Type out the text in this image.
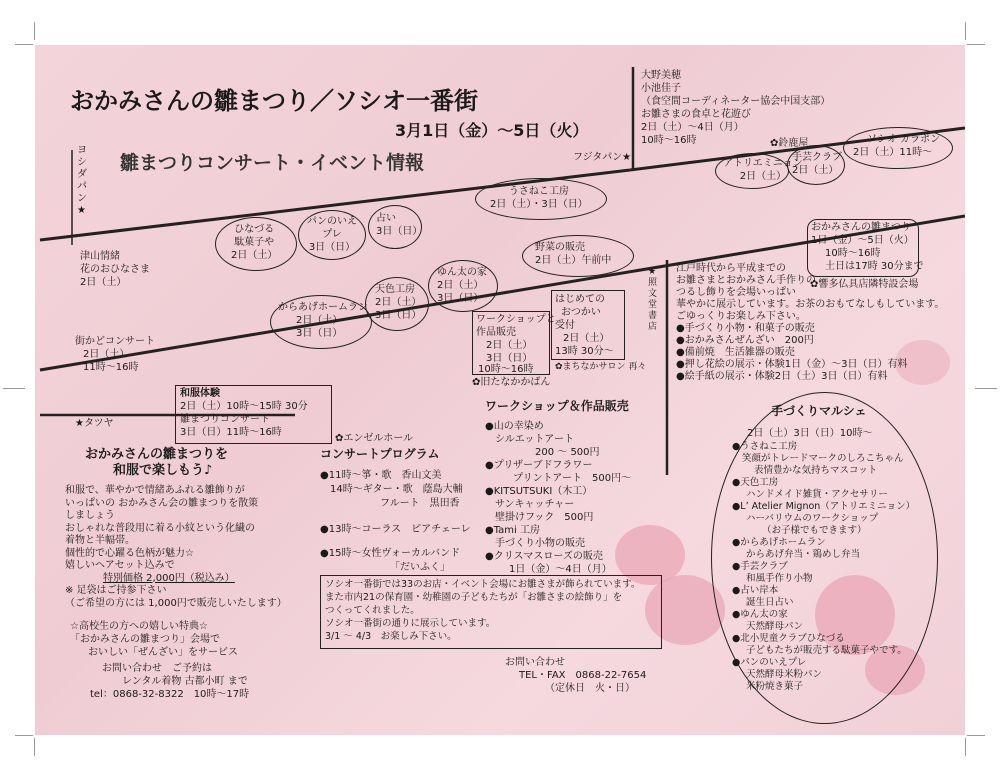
おかみさんの雛まつり／ソシオ一番街
3月1日（金）～5日（火）
雛まつりコンサート・イベント情報
ヨシダパン★
フジタパン★
★照文堂書店
津山情緒
花のおひなさま
2日（土）
街かどコンサート
2日（土）
11時～16時
★タツヤ
ひなづる
駄菓子や
2日（土）
パンのいえ
プレ
3日（日）
占い
3日（日）
うさねこ工房
2日（土）・3日（日）
野菜の販売
2日（土）午前中
からあげホームラン
2日（土）
3日（日）
天色工房
2日（土）
3日（日）
ゆん太の家
2日（土）
3日（日）
ワークショップと
作品販売
2日（土）
3日（日）
10時～16時
✿旧たなかかばん
はじめての
おつかい
受付
2日（土）
13時 30分～
✿まちなかサロン 再々
大野美穂
小池佳子
（食空間コーディネーター協会中国支部）
お雛さまの食卓と花遊び
2日（土）～4日（月）
10時～16時	✿鈴鹿屋
アトリエミニョン
2日（土）
手芸クラブ
2日（土）
ソシオ ガラポン
2日（土）11時～
おかみさんの雛まつり
1日（金）～5日（火）
10時～16時
土日は17時 30分まで
✿響多仏具店隣特設会場
江戸時代から平成までの
お雛さまとおかみさん手作りの
つるし飾りを会場いっぱい
華やかに展示しています。お茶のおもてなしもしています。
ごゆっくりお楽しみ下さい。
●手づくり小物・和菓子の販売
●おかみさんぜんざい　200円
●備前焼　生活雑器の販売
●押し花絵の展示・体験1日（金）～3日（日）有料
●絵手紙の展示・体験2日（土）3日（日）有料
和服体験
2日（土）10時～15時 30分
雛まつりコンサート
3日（日）11時～16時
✿エンゼルホール
おかみさんの雛まつりを
和服で楽しもう♪
和服で、華やかで情緒あふれる雛飾りが
いっぱいの おかみさん会の雛まつりを散策
しましょう
おしゃれな普段用に着る小紋という化繊の
着物と半幅帯。
個性的で心躍る色柄が魅力☆
嬉しいヘアセット込みで
特別価格 2,000円（税込み）
※ 足袋はご持参下さい
（ご希望の方には 1,000円で販売しいたします）
☆高校生の方への嬉しい特典☆
「おかみさんの雛まつり」会場で
おいしい「ぜんざい」をサービス
お問い合わせ　ご予約は
レンタル着物 古都小町 まで
tel：0868-32-8322　10時～17時
コンサートプログラム
●11時～箏・歌　香山文美
14時～ギター・歌　蔭島大輔
フルート　黒田香
●13時～コーラス　ピアチェーレ
●15時～女性ヴォーカルバンド
「だいふく」
ワークショップ＆作品販売
●山の幸染め
シルエットアート
200 ～ 500円
●プリザーブドフラワー
プリントアート　500円～
●KITSUTSUKI（木工）
サンキャッチャー
壁掛けフック　500円
●Tami 工房
手づくり小物の販売
●クリスマスローズの販売
1日（金）～4日（月）
ソシオ一番街では33のお店・イベント会場にお雛さまが飾られています。
また市内21の保育園・幼稚園の子どもたちが「お雛さまの絵飾り」を
つくってくれました。
ソシオ一番街の通りに展示しています。
3/1 ～ 4/3　お楽しみ下さい。
お問い合わせ
TEL・FAX　0868-22-7654
（定休日　火・日）
手づくりマルシェ
2日（土）3日（日）10時～
●うさねこ工房
笑顔がトレードマークのしろこちゃん
表情豊かな気持ちマスコット
●天色工房
ハンドメイド雑貨・アクセサリー
●L’ Atelier Mignon（アトリエミニョン）
ハーバリウムのワークショップ
（お子様でもできます）
●からあげホームラン
からあげ弁当・鶏めし弁当
●手芸クラブ
和風手作り小物
●占い岸本
誕生日占い
●ゆん太の家
天然酵母パン
●北小児童クラブひなづる
子どもたちが販売する駄菓子やです。
●パンのいえプレ
天然酵母米粉パン
米粉焼き菓子
